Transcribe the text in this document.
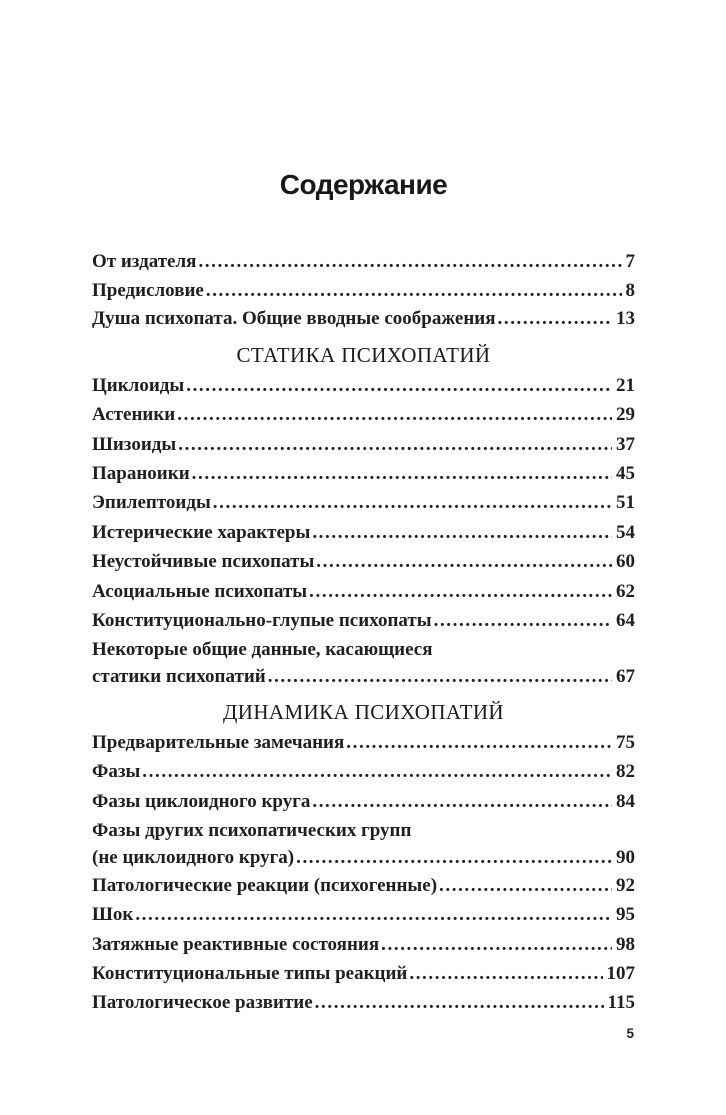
Содержание
От издателя .....	7
Предисловие .....	8
Душа психопата. Общие вводные соображения .....	13
СТАТИКА ПСИХОПАТИЙ
Циклоиды .....	21
Астеники .....	29
Шизоиды .....	37
Параноики .....	45
Эпилептоиды .....	51
Истерические характеры .....	54
Неустойчивые психопаты .....	60
Асоциальные психопаты .....	62
Конституционально-глупые психопаты .....	64
Некоторые общие данные, касающиеся
статики психопатий .....	67
ДИНАМИКА ПСИХОПАТИЙ
Предварительные замечания .....	75
Фазы .....	82
Фазы циклоидного круга .....	84
Фазы других психопатических групп
(не циклоидного круга) .....	90
Патологические реакции (психогенные) .....	92
Шок .....	95
Затяжные реактивные состояния .....	98
Конституциональные типы реакций .....	107
Патологическое развитие .....	115
5
